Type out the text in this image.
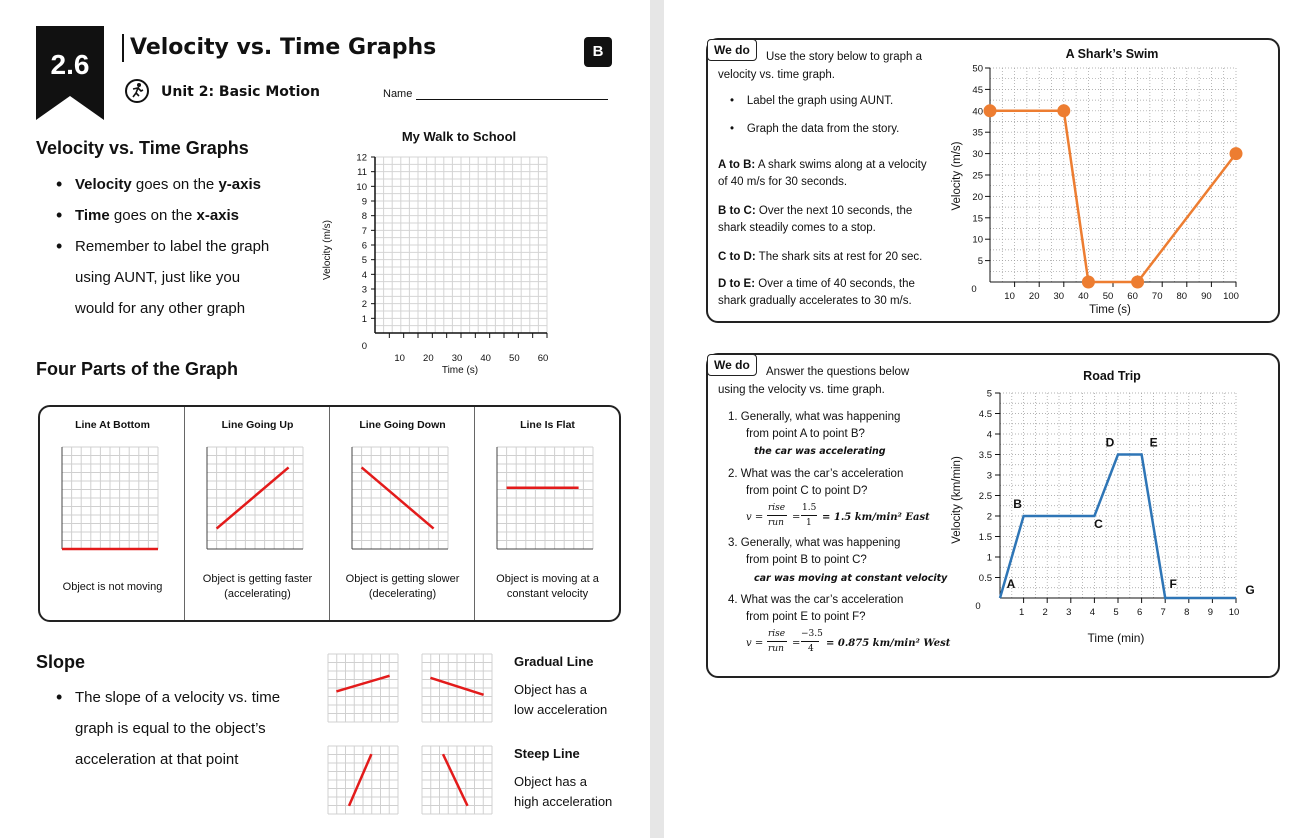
2.6
Velocity vs. Time Graphs
Unit 2: Basic Motion
B
Name
Velocity vs. Time Graphs
• Velocity goes on the y-axis
• Time goes on the x-axis
• Remember to label the graph
using AUNT, just like you
would for any other graph
My Walk to School
0
1
2
3
4
5
6
7
8
9
10
11
12
10 20 30 40 50 60
Time (s)
Velocity (m/s)
Four Parts of the Graph
Line At Bottom
Object is not moving
Line Going Up
Object is getting faster
(accelerating)
Line Going Down
Object is getting slower
(decelerating)
Line Is Flat
Object is moving at a
constant velocity
Slope
• The slope of a velocity vs. time
graph is equal to the object’s
acceleration at that point
Gradual Line
Object has a
low acceleration
Steep Line
Object has a
high acceleration
We do	Use the story below to graph a
velocity vs. time graph.
•    Label the graph using AUNT.
•    Graph the data from the story.
A to B: A shark swims along at a velocity
of 40 m/s for 30 seconds.
B to C: Over the next 10 seconds, the
shark steadily comes to a stop.
C to D: The shark sits at rest for 20 sec.
D to E: Over a time of 40 seconds, the
shark gradually accelerates to 30 m/s.
A Shark’s Swim
5
10
15
20
25
30
35
40
45
50
0
10 20 30 40 50 60 70 80 90 100
Time (s)
Velocity (m/s)
We do	Answer the questions below
using the velocity vs. time graph.
1. Generally, what was happening
from point A to point B?
the car was accelerating
2. What was the car’s acceleration
from point C to point D?
v =
rise
run =
1.5
1 = 1.5 km/min² East
3. Generally, what was happening
from point B to point C?
car was moving at constant velocity
4. What was the car’s acceleration
from point E to point F?
v =
rise
run =
−3.5
4 = 0.875 km/min² West
Road Trip
0.5
1
1.5
2
2.5
3
3.5
4
4.5
5
0
1 2 3 4 5 6 7 8 9 10
Time (min)
Velocity (km/min)
A
B
C
D	E
F	G
